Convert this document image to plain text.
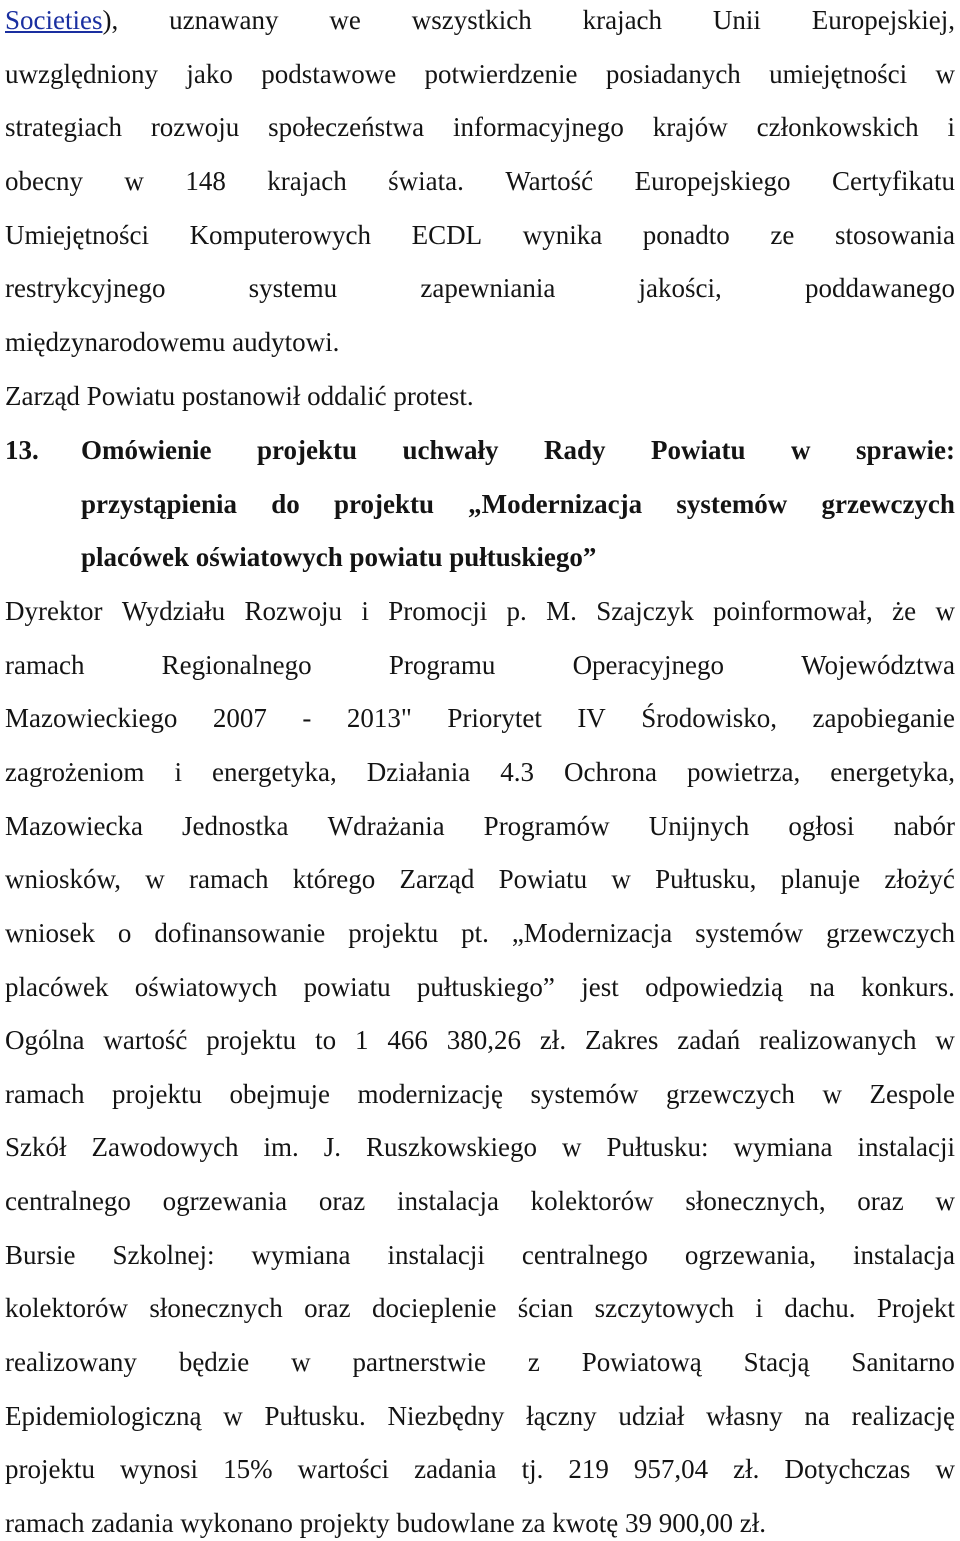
Societies), uznawany we wszystkich krajach Unii Europejskiej,
uwzględniony jako podstawowe potwierdzenie posiadanych umiejętności w
strategiach rozwoju społeczeństwa informacyjnego krajów członkowskich i
obecny w 148 krajach świata. Wartość Europejskiego Certyfikatu
Umiejętności Komputerowych ECDL wynika ponadto ze stosowania
restrykcyjnego	systemu	zapewniania	jakości,	poddawanego
międzynarodowemu audytowi.
Zarząd Powiatu postanowił oddalić protest.
13.	Omówienie projektu uchwały Rady Powiatu w sprawie:
przystąpienia do projektu „Modernizacja systemów grzewczych
placówek oświatowych powiatu pułtuskiego”
Dyrektor Wydziału Rozwoju i Promocji p. M. Szajczyk poinformował, że w
ramach	Regionalnego	Programu	Operacyjnego	Województwa
Mazowieckiego 2007 - 2013" Priorytet IV Środowisko, zapobieganie
zagrożeniom i energetyka, Działania 4.3 Ochrona powietrza, energetyka,
Mazowiecka Jednostka Wdrażania Programów Unijnych ogłosi nabór
wniosków, w ramach którego Zarząd Powiatu w Pułtusku, planuje złożyć
wniosek o dofinansowanie projektu pt. „Modernizacja systemów grzewczych
placówek oświatowych powiatu pułtuskiego” jest odpowiedzią na konkurs.
Ogólna wartość projektu to 1 466 380,26 zł. Zakres zadań realizowanych w
ramach projektu obejmuje modernizację systemów grzewczych w Zespole
Szkół Zawodowych im. J. Ruszkowskiego w Pułtusku: wymiana instalacji
centralnego ogrzewania oraz instalacja kolektorów słonecznych, oraz w
Bursie Szkolnej: wymiana instalacji centralnego ogrzewania, instalacja
kolektorów słonecznych oraz docieplenie ścian szczytowych i dachu. Projekt
realizowany będzie w partnerstwie z Powiatową Stacją Sanitarno
Epidemiologiczną w Pułtusku. Niezbędny łączny udział własny na realizację
projektu wynosi 15% wartości zadania tj. 219 957,04 zł. Dotychczas w
ramach zadania wykonano projekty budowlane za kwotę 39 900,00 zł.
